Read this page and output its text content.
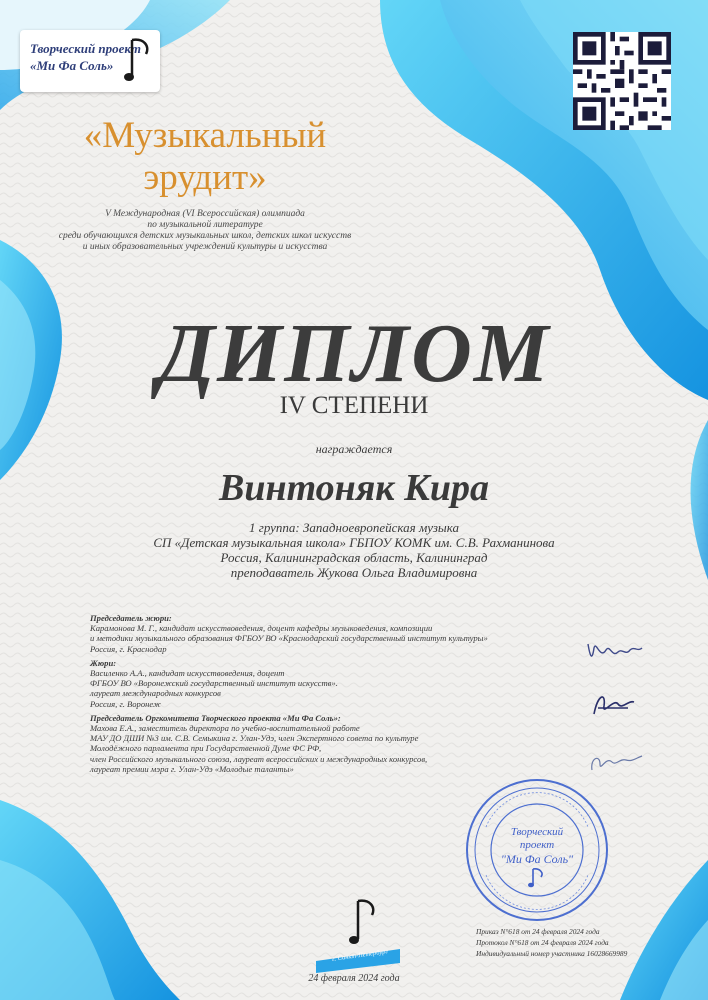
Творческий проект
«Ми Фа Соль»
«Музыкальный
эрудит»
V Международная (VI Всероссийская) олимпиада
по музыкальной литературе
среди обучающихся детских музыкальных школ, детских школ искусств
и иных образовательных учреждений культуры и искусства
ДИПЛОМ
IV СТЕПЕНИ
награждается
Винтоняк Кира
1 группа: Западноевропейская музыка
СП «Детская музыкальная школа» ГБПОУ КОМК им. С.В. Рахманинова
Россия, Калининградская область, Калининград
преподаватель Жукова Ольга Владимировна
Председатель жюри:
Карамонова М. Г., кандидат искусствоведения, доцент кафедры музыковедения, композиции
и методики музыкального образования ФГБОУ ВО «Краснодарский государственный институт культуры»
Россия, г. Краснодар
Жюри:
Василенко А.А., кандидат искусствоведения, доцент
ФГБОУ ВО «Воронежский государственный институт искусств».
лауреат международных конкурсов
Россия, г. Воронеж
Председатель Оргкомитета Творческого проекта «Ми Фа Соль»:
Махова Е.А., заместитель директора по учебно-воспитательной работе
МАУ ДО ДШИ №3 им. С.В. Семыкина г. Улан-Удэ, член Экспертного совета по культуре
Молодёжного парламента при Государственной Думе ФС РФ,
член Российского музыкального союза, лауреат всероссийских и международных конкурсов,
лауреат премии мэра г. Улан-Удэ «Молодые таланты»
Творческий
проект
"Ми Фа Соль"
г. Санкт-Петербург
24 февраля 2024 года
Приказ N°618 от 24 февраля 2024 года
Протокол N°618 от 24 февраля 2024 года
Индивидуальный номер участника 16028669989
